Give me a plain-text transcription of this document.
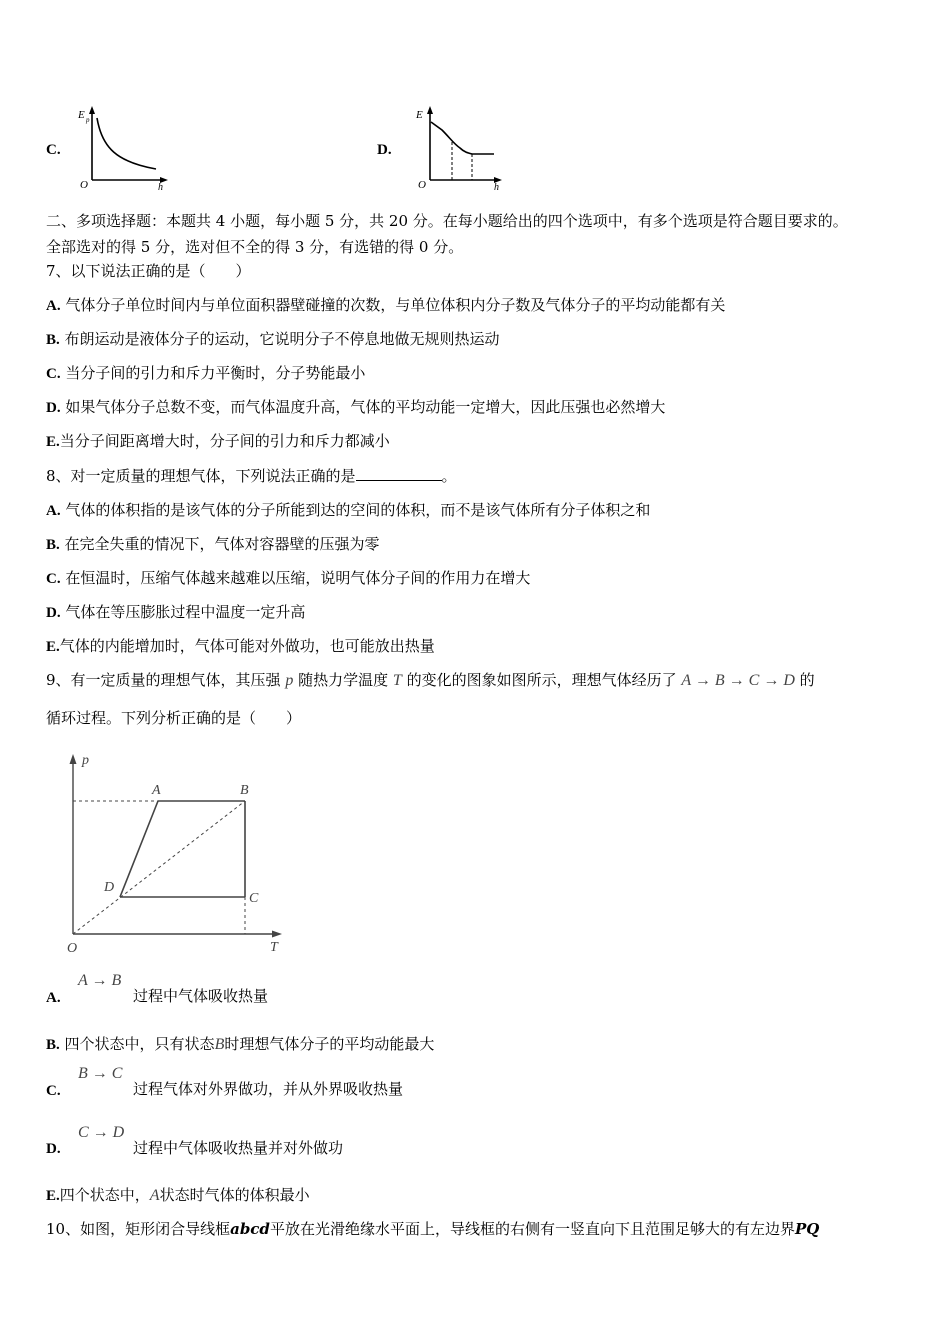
C.
E p
O	h
D.
E
O	h
二、多项选择题：本题共 4 小题，每小题 5 分，共 20 分。在每小题给出的四个选项中，有多个选项是符合题目要求的。
全部选对的得 5 分，选对但不全的得 3 分，有选错的得 0 分。
7、以下说法正确的是（　　）
A. 气体分子单位时间内与单位面积器壁碰撞的次数，与单位体积内分子数及气体分子的平均动能都有关
B. 布朗运动是液体分子的运动，它说明分子不停息地做无规则热运动
C. 当分子间的引力和斥力平衡时，分子势能最小
D. 如果气体分子总数不变，而气体温度升高，气体的平均动能一定增大，因此压强也必然增大
E.当分子间距离增大时，分子间的引力和斥力都减小
8、对一定质量的理想气体，下列说法正确的是	。
A. 气体的体积指的是该气体的分子所能到达的空间的体积，而不是该气体所有分子体积之和
B. 在完全失重的情况下，气体对容器壁的压强为零
C. 在恒温时，压缩气体越来越难以压缩，说明气体分子间的作用力在增大
D. 气体在等压膨胀过程中温度一定升高
E.气体的内能增加时，气体可能对外做功，也可能放出热量
9、有一定质量的理想气体，其压强 p 随热力学温度 T 的变化的图象如图所示，理想气体经历了 A → B → C → D 的
循环过程。下列分析正确的是（　　）
p
T
O
A	B
C
D
A.
A → B
过程中气体吸收热量
B. 四个状态中，只有状态B时理想气体分子的平均动能最大
C.
B → C
过程气体对外界做功，并从外界吸收热量
D.
C → D
过程中气体吸收热量并对外做功
E.四个状态中，A状态时气体的体积最小
10、如图，矩形闭合导线框abcd平放在光滑绝缘水平面上，导线框的右侧有一竖直向下且范围足够大的有左边界PQ
